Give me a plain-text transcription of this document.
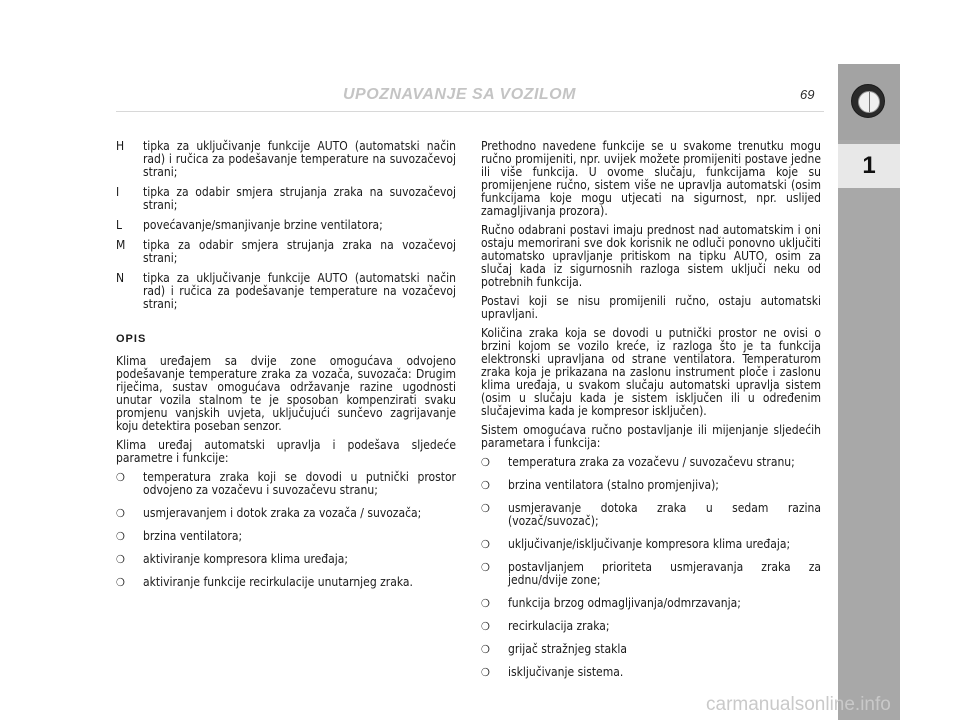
UPOZNAVANJE SA VOZILOM	69
1
H	tipka za uključivanje funkcije AUTO (automatski način rad) i ručica za podešavanje temperature na suvozačevoj strani;
I	tipka za odabir smjera strujanja zraka na suvozačevoj strani;
L	povećavanje/smanjivanje brzine ventilatora;
M	tipka za odabir smjera strujanja zraka na vozačevoj strani;
N	tipka za uključivanje funkcije AUTO (automatski način rad) i ručica za podešavanje temperature na vozačevoj strani;
OPIS

Klima uređajem sa dvije zone omogućava odvojeno podešavanje temperature zraka za vozača, suvozača: Drugim riječima, sustav omogućava održavanje razine ugodnosti unutar vozila stalnom te je sposoban kompenzirati svaku promjenu vanjskih uvjeta, uključujući sunčevo zagrijavanje koju detektira poseban senzor.

Klima uređaj automatski upravlja i podešava sljedeće parametre i funkcije:

❍	temperatura zraka koji se dovodi u putnički prostor odvojeno za vozačevu i suvozačevu stranu;
❍	usmjeravanjem i dotok zraka za vozača / suvozača;
❍	brzina ventilatora;
❍	aktiviranje kompresora klima uređaja;
❍	aktiviranje funkcije recirkulacije unutarnjeg zraka.

Prethodno navedene funkcije se u svakome trenutku mogu ručno promijeniti, npr. uvijek možete promijeniti postave jedne ili više funkcija. U ovome slučaju, funkcijama koje su promijenjene ručno, sistem više ne upravlja automatski (osim funkcijama koje mogu utjecati na sigurnost, npr. uslijed zamagljivanja prozora).

Ručno odabrani postavi imaju prednost nad automatskim i oni ostaju memorirani sve dok korisnik ne odluči ponovno uključiti automatsko upravljanje pritiskom na tipku AUTO, osim za slučaj kada iz sigurnosnih razloga sistem uključi neku od potrebnih funkcija.

Postavi koji se nisu promijenili ručno, ostaju automatski upravljani.

Količina zraka koja se dovodi u putnički prostor ne ovisi o brzini kojom se vozilo kreće, iz razloga što je ta funkcija elektronski upravljana od strane ventilatora. Temperaturom zraka koja je prikazana na zaslonu instrument ploče i zaslonu klima uređaja, u svakom slučaju automatski upravlja sistem (osim u slučaju kada je sistem isključen ili u određenim slučajevima kada je kompresor isključen).

Sistem omogućava ručno postavljanje ili mijenjanje sljedećih parametara i funkcija:

❍	temperatura zraka za vozačevu / suvozačevu stranu;
❍	brzina ventilatora (stalno promjenjiva);
❍	usmjeravanje dotoka zraka u sedam razina (vozač/suvozač);
❍	uključivanje/isključivanje kompresora klima uređaja;
❍	postavljanjem prioriteta usmjeravanja zraka za jednu/dvije zone;
❍	funkcija brzog odmagljivanja/odmrzavanja;
❍	recirkulacija zraka;
❍	grijač stražnjeg stakla
❍	isključivanje sistema.
carmanualsonline.info
